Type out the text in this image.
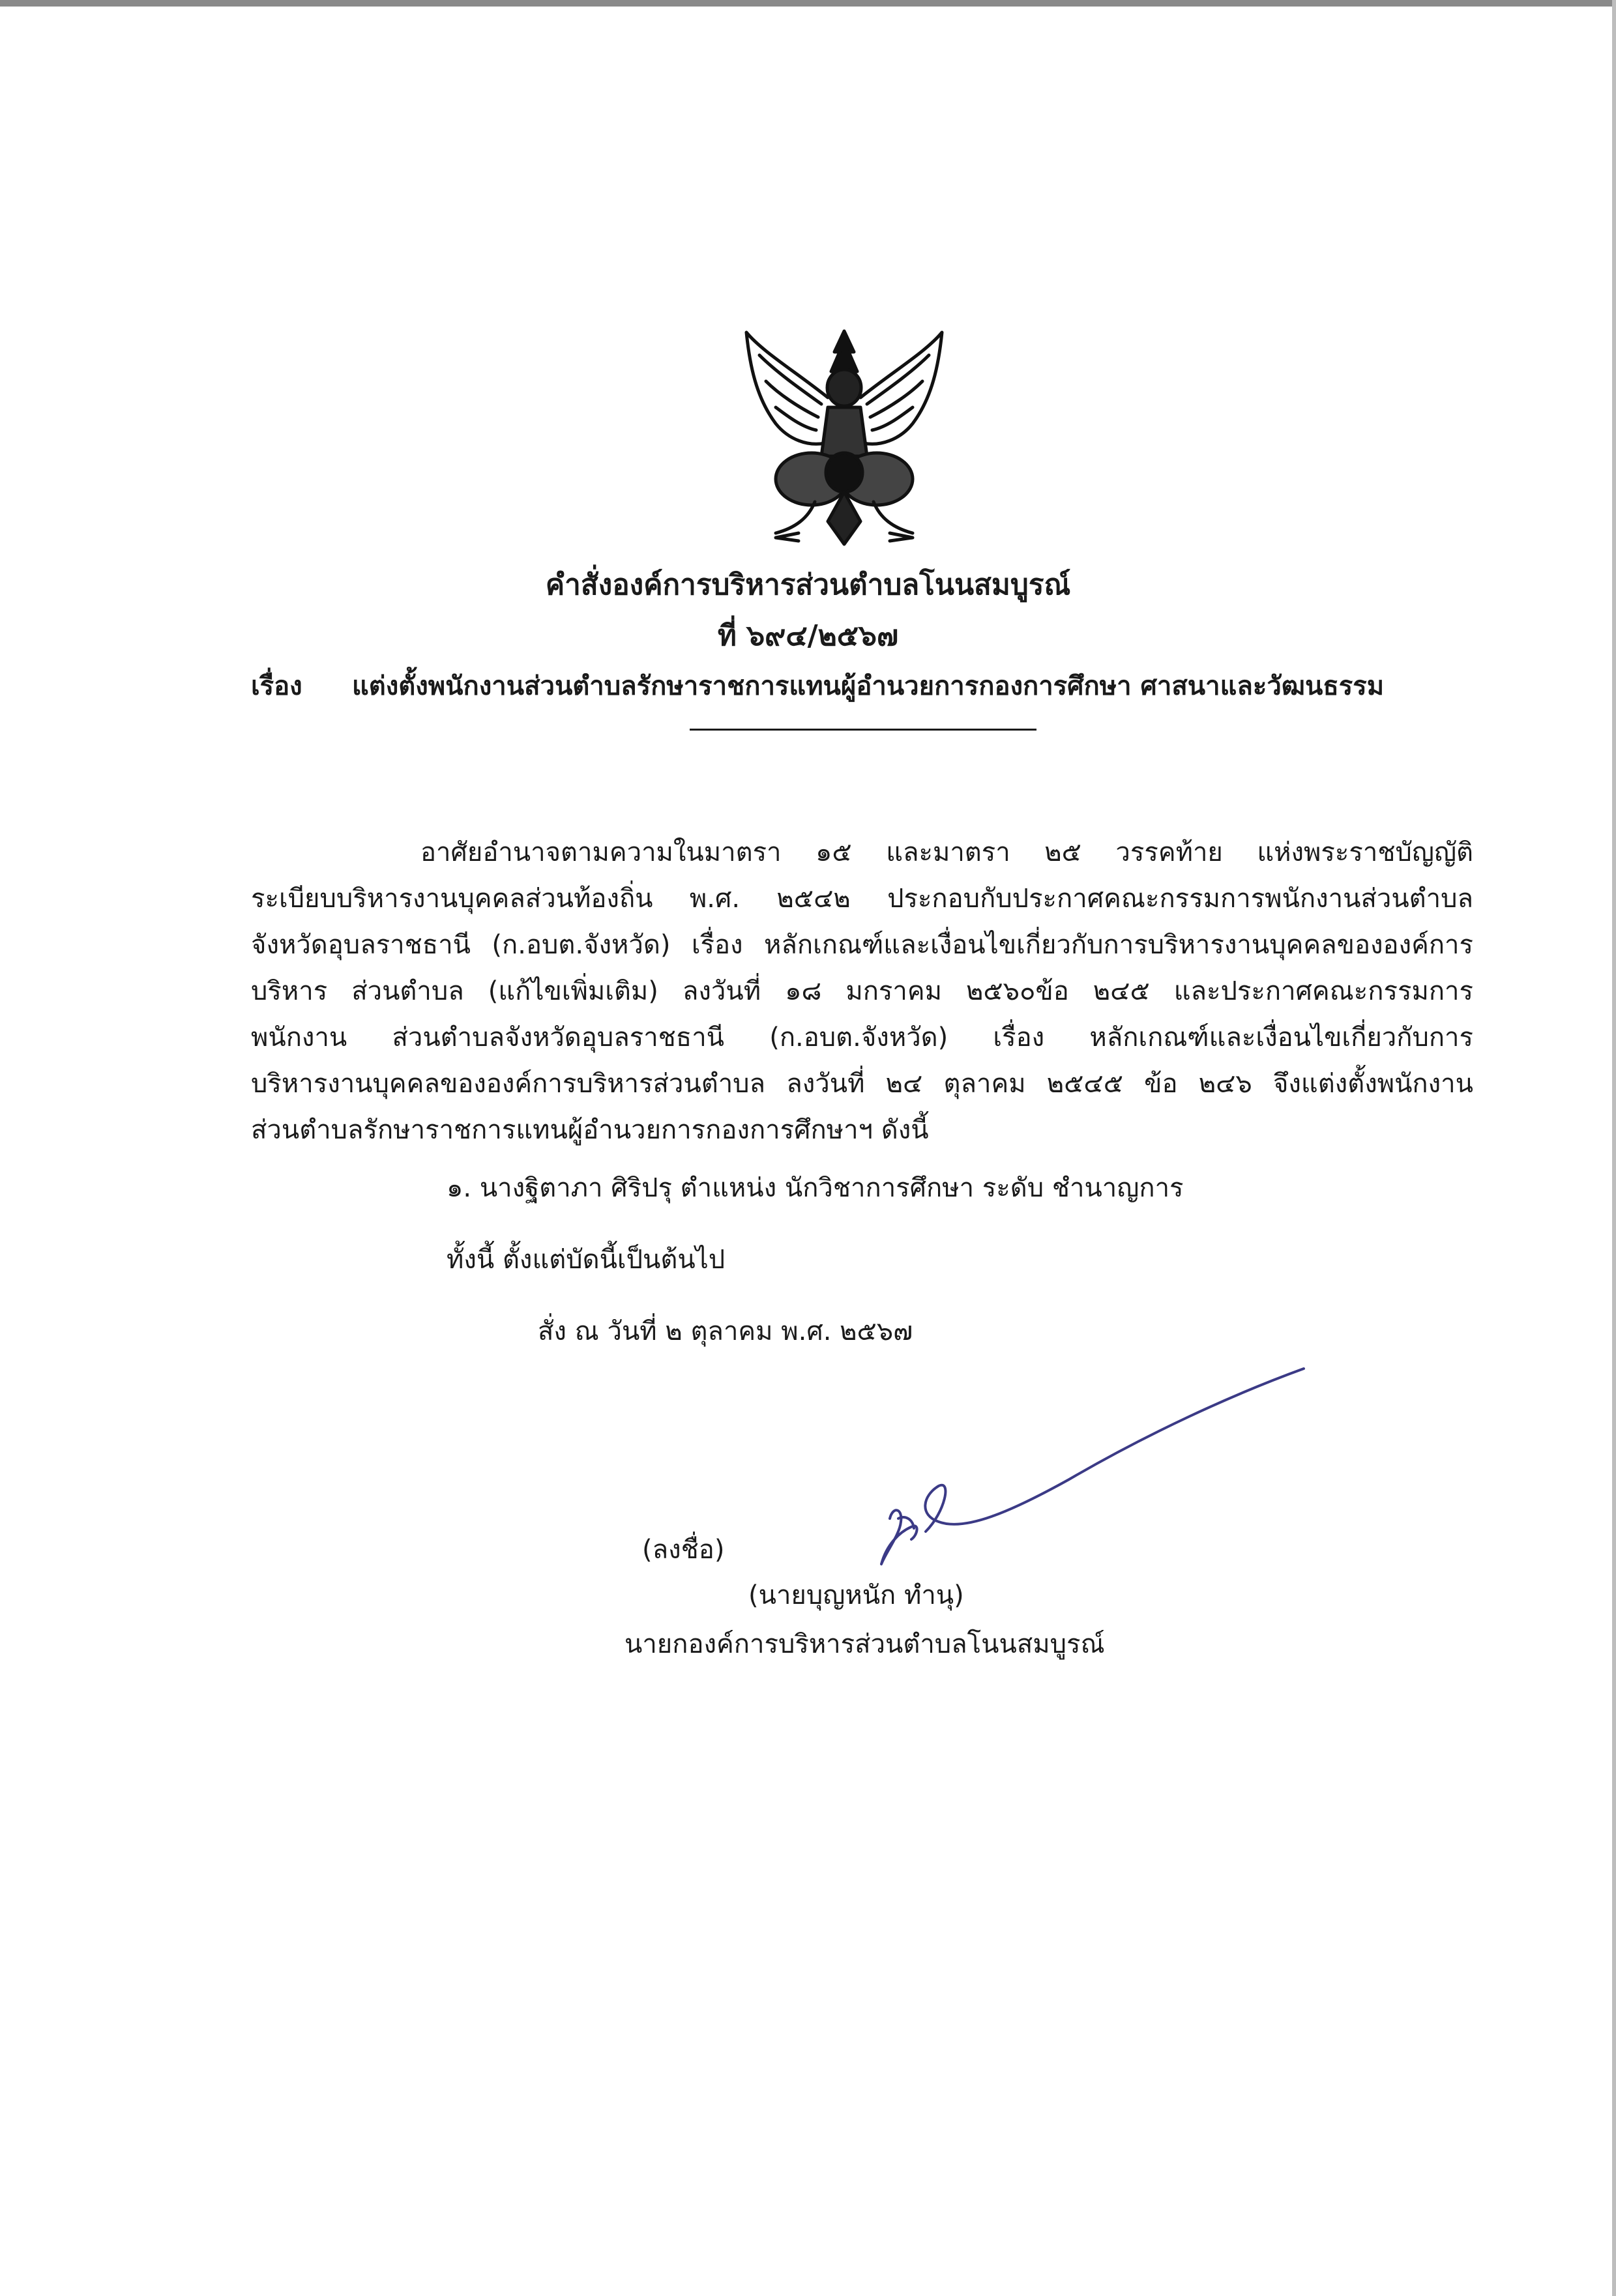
คำสั่งองค์การบริหารส่วนตำบลโนนสมบูรณ์
ที่ ๖๙๔/๒๕๖๗
เรื่อง แต่งตั้งพนักงานส่วนตำบลรักษาราชการแทนผู้อำนวยการกองการศึกษา ศาสนาและวัฒนธรรม
อาศัยอำนาจตามความในมาตรา ๑๕ และมาตรา ๒๕ วรรคท้าย แห่งพระราชบัญญัติ
ระเบียบบริหารงานบุคคลส่วนท้องถิ่น พ.ศ. ๒๕๔๒ ประกอบกับประกาศคณะกรรมการพนักงานส่วนตำบล
จังหวัดอุบลราชธานี (ก.อบต.จังหวัด) เรื่อง หลักเกณฑ์และเงื่อนไขเกี่ยวกับการบริหารงานบุคคลขององค์การ
บริหาร ส่วนตำบล (แก้ไขเพิ่มเติม) ลงวันที่ ๑๘ มกราคม ๒๕๖๐ข้อ ๒๔๕ และประกาศคณะกรรมการ
พนักงาน ส่วนตำบลจังหวัดอุบลราชธานี (ก.อบต.จังหวัด) เรื่อง หลักเกณฑ์และเงื่อนไขเกี่ยวกับการ
บริหารงานบุคคลขององค์การบริหารส่วนตำบล ลงวันที่ ๒๔ ตุลาคม ๒๕๔๕ ข้อ ๒๔๖ จึงแต่งตั้งพนักงาน
ส่วนตำบลรักษาราชการแทนผู้อำนวยการกองการศึกษาฯ ดังนี้
๑. นางฐิตาภา ศิริปรุ ตำแหน่ง นักวิชาการศึกษา ระดับ ชำนาญการ
ทั้งนี้ ตั้งแต่บัดนี้เป็นต้นไป
สั่ง ณ วันที่ ๒ ตุลาคม พ.ศ. ๒๕๖๗
(ลงชื่อ)
(นายบุญหนัก ทำนุ)
นายกองค์การบริหารส่วนตำบลโนนสมบูรณ์
